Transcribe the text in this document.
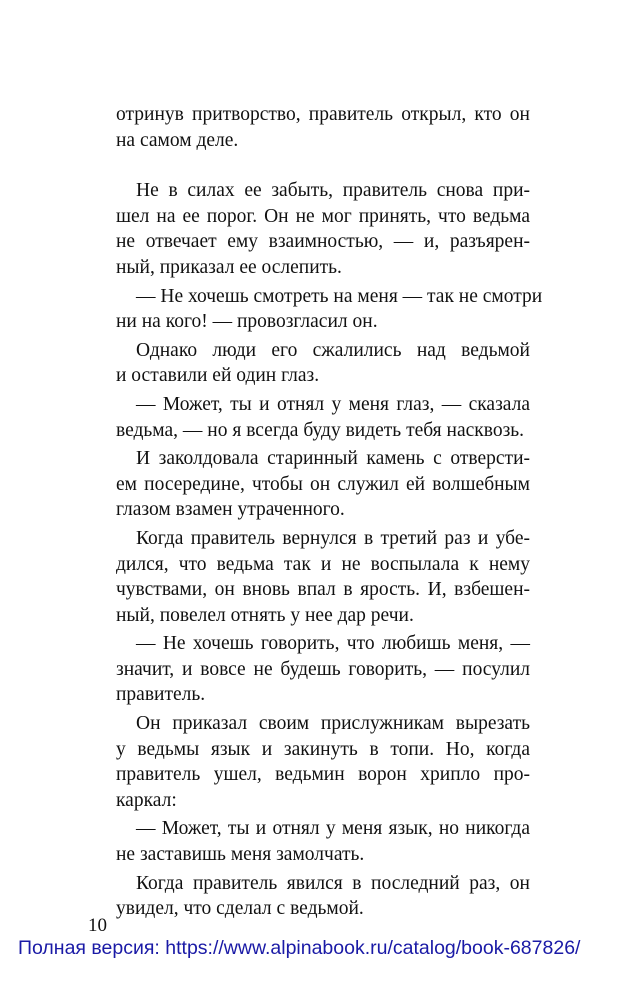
отринув притворство, правитель открыл, кто он
на самом деле.

Не в силах ее забыть, правитель снова при-
шел на ее порог. Он не мог принять, что ведьма
не отвечает ему взаимностью, — и, разъярен-
ный, приказал ее ослепить.

— Не хочешь смотреть на меня — так не смотри
ни на кого! — провозгласил он.

Однако люди его сжалились над ведьмой
и оставили ей один глаз.

— Может, ты и отнял у меня глаз, — сказала
ведьма, — но я всегда буду видеть тебя насквозь.

И заколдовала старинный камень с отверсти-
ем посередине, чтобы он служил ей волшебным
глазом взамен утраченного.

Когда правитель вернулся в третий раз и убе-
дился, что ведьма так и не воспылала к нему
чувствами, он вновь впал в ярость. И, взбешен-
ный, повелел отнять у нее дар речи.

— Не хочешь говорить, что любишь меня, —
значит, и вовсе не будешь говорить, — посулил
правитель.

Он приказал своим прислужникам вырезать
у ведьмы язык и закинуть в топи. Но, когда
правитель ушел, ведьмин ворон хрипло про-
каркал:

— Может, ты и отнял у меня язык, но никогда
не заставишь меня замолчать.

Когда правитель явился в последний раз, он
увидел, что сделал с ведьмой.

10
Полная версия: https://www.alpinabook.ru/catalog/book-687826/
